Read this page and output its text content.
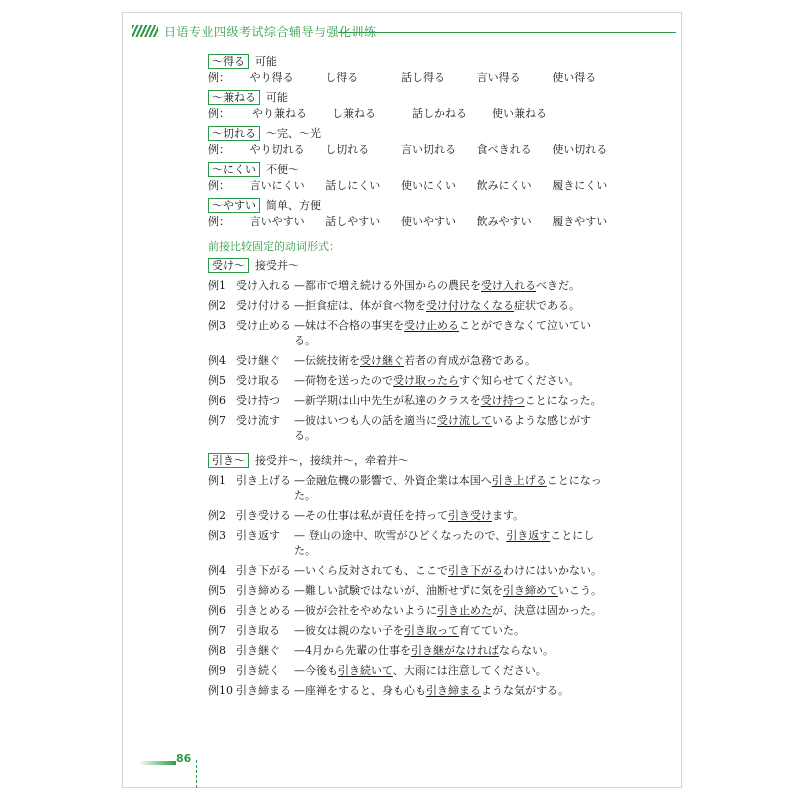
日语专业四级考试综合辅导与强化训练
～得る 可能
例：	やり得る	し得る	話し得る	言い得る	使い得る
～兼ねる 可能
例：	やり兼ねる	し兼ねる	話しかねる	使い兼ねる
～切れる ～完、～光
例：	やり切れる	し切れる	言い切れる	食べきれる	使い切れる
～にくい 不便～
例：	言いにくい	話しにくい	使いにくい	飲みにくい	履きにくい
～やすい 简单、方便
例：	言いやすい	話しやすい	使いやすい	飲みやすい	履きやすい
前接比较固定的动词形式：
受け～ 接受并～
例1 受け入れる —都市で増え続ける外国からの農民を受け入れるべきだ。
例2 受け付ける —拒食症は、体が食べ物を受け付けなくなる症状である。
例3 受け止める —妹は不合格の事実を受け止めることができなくて泣いてい
る。
例4 受け継ぐ	—伝統技術を受け継ぐ若者の育成が急務である。
例5 受け取る	—荷物を送ったので受け取ったらすぐ知らせてください。
例6 受け持つ	—新学期は山中先生が私達のクラスを受け持つことになった。
例7 受け流す	—彼はいつも人の話を適当に受け流しているような感じがす
る。
引き～ 接受并～，接续并～，牵着并～
例1 引き上げる —金融危機の影響で、外資企業は本国へ引き上げることになっ
た。
例2 引き受ける —その仕事は私が責任を持って引き受けます。
例3 引き返す	— 登山の途中、吹雪がひどくなったので、引き返すことにし
た。
例4 引き下がる —いくら反対されても、ここで引き下がるわけにはいかない。
例5 引き締める —難しい試験ではないが、油断せずに気を引き締めていこう。
例6 引きとめる —彼が会社をやめないように引き止めたが、決意は固かった。
例7 引き取る	—彼女は親のない子を引き取って育てていた。
例8 引き継ぐ	—4月から先輩の仕事を引き継がなければならない。
例9 引き続く	—今後も引き続いて、大雨には注意してください。
例10 引き締まる —座禅をすると、身も心も引き締まるような気がする。
86
